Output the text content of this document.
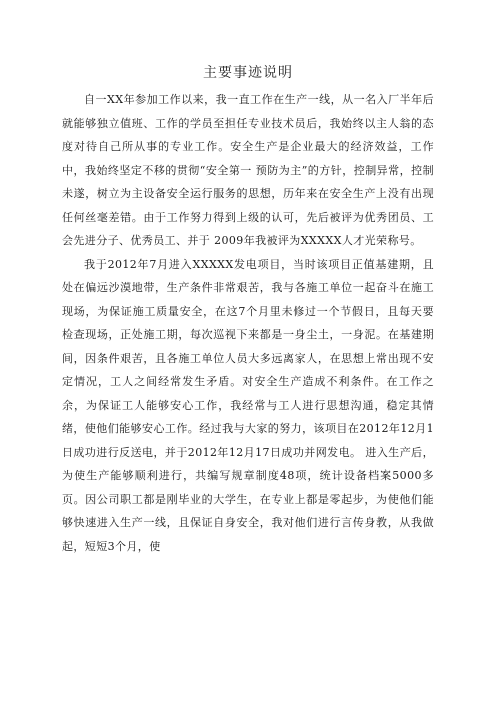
主要事迹说明

自一XX年参加工作以来，我一直工作在生产一线，从一名入厂半年后就能够独立值班、工作的学员至担任专业技术员后，我始终以主人翁的态度对待自己所从事的专业工作。安全生产是企业最大的经济效益，工作中，我始终坚定不移的贯彻“安全第一 预防为主”的方针，控制异常，控制未遂，树立为主设备安全运行服务的思想，历年来在安全生产上没有出现任何丝毫差错。由于工作努力得到上级的认可，先后被评为优秀团员、工会先进分子、优秀员工、并于 2009年我被评为XXXXX人才光荣称号。

我于2012年7月进入XXXXX发电项目，当时该项目正值基建期，且处在偏远沙漠地带，生产条件非常艰苦，我与各施工单位一起奋斗在施工现场，为保证施工质量安全，在这7个月里未修过一个节假日，且每天要检查现场，正处施工期，每次巡视下来都是一身尘土，一身泥。在基建期间，因条件艰苦，且各施工单位人员大多远离家人，在思想上常出现不安定情况，工人之间经常发生矛盾。对安全生产造成不利条件。在工作之余，为保证工人能够安心工作，我经常与工人进行思想沟通，稳定其情绪，使他们能够安心工作。经过我与大家的努力，该项目在2012年12月1日成功进行反送电，并于2012年12月17日成功并网发电。 进入生产后，为使生产能够顺利进行，共编写规章制度48项，统计设备档案5000多页。因公司职工都是刚毕业的大学生，在专业上都是零起步，为使他们能够快速进入生产一线，且保证自身安全，我对他们进行言传身教，从我做起，短短3个月，使
